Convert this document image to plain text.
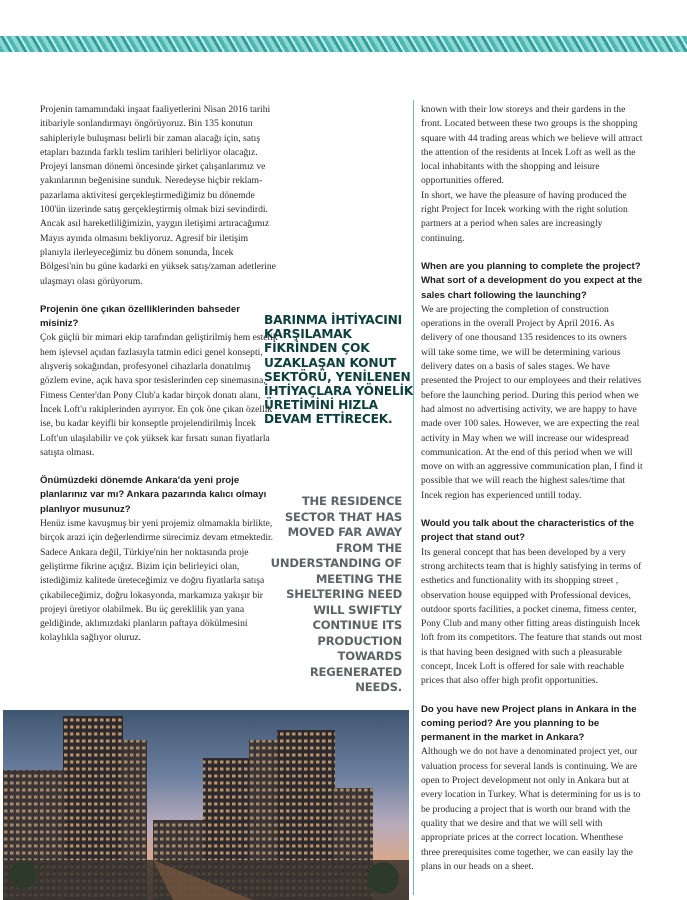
Projenin tamamındaki inşaat faaliyetlerini Nisan 2016 tarihi itibariyle sonlandırmayı öngörüyoruz. Bin 135 konutun sahipleriyle buluşması belirli bir zaman alacağı için, satış etapları bazında farklı teslim tarihleri belirliyor olacağız. Projeyi lansman dönemi öncesinde şirket çalışanlarımız ve yakınlarının beğenisine sunduk. Neredeyse hiçbir reklam-pazarlama aktivitesi gerçekleştirmediğimiz bu dönemde 100'ün üzerinde satış gerçekleştirmiş olmak bizi sevindirdi. Ancak asıl hareketliliğimizin, yaygın iletişimi artıracağımız Mayıs ayında olmasını bekliyoruz. Agresif bir iletişim planıyla ilerleyeceğimiz bu dönem sonunda, İncek Bölgesi'nin bu güne kadarki en yüksek satış/zaman adetlerine ulaşmayı olası görüyorum.

Projenin öne çıkan özelliklerinden bahseder misiniz?

Çok güçlü bir mimari ekip tarafından geliştirilmiş hem estetik hem işlevsel açıdan fazlasıyla tatmin edici genel konsepti, alışveriş sokağından, profesyonel cihazlarla donatılmış gözlem evine, açık hava spor tesislerinden cep sinemasına, Fitness Center'dan Pony Club'a kadar birçok donatı alanı, İncek Loft'u rakiplerinden ayırıyor. En çok öne çıkan özellik ise, bu kadar keyifli bir konseptle projelendirilmiş İncek Loft'un ulaşılabilir ve çok yüksek kar fırsatı sunan fiyatlarla satışta olması.

Önümüzdeki dönemde Ankara'da yeni proje planlarınız var mı? Ankara pazarında kalıcı olmayı planlıyor musunuz?

Henüz isme kavuşmuş bir yeni projemiz olmamakla birlikte, birçok arazi için değerlendirme sürecimiz devam etmektedir. Sadece Ankara değil, Türkiye'nin her noktasında proje geliştirme fikrine açığız. Bizim için belirleyici olan, istediğimiz kalitede üreteceğimiz ve doğru fiyatlarla satışa çıkabileceğimiz, doğru lokasyonda, markamıza yakışır bir projeyi üretiyor olabilmek. Bu üç gereklilik yan yana geldiğinde, aklımızdaki planların paftaya dökülmesini kolaylıkla sağlıyor oluruz.

BARINMA İHTİYACINI KARŞILAMAK FİKRİNDEN ÇOK UZAKLAŞAN KONUT SEKTÖRÜ, YENİLENEN İHTİYAÇLARA YÖNELİK ÜRETİMİNİ HIZLA DEVAM ETTİRECEK.
THE RESIDENCE SECTOR THAT HAS MOVED FAR AWAY FROM THE UNDERSTANDING OF MEETING THE SHELTERING NEED WILL SWIFTLY CONTINUE ITS PRODUCTION TOWARDS REGENERATED NEEDS.

known with their low storeys and their gardens in the front. Located between these two groups is the shopping square with 44 trading areas which we believe will attract the attention of the residents at Incek Loft as well as the local inhabitants with the shopping and leisure opportunities offered.

In short, we have the pleasure of having produced the right Project for Incek working with the right solution partners at a period when sales are increasingly continuing.

When are you planning to complete the project? What sort of a development do you expect at the sales chart following the launching?

We are projecting the completion of construction operations in the overall Project by April 2016. As delivery of one thousand 135 residences to its owners will take some time, we will be determining various delivery dates on a basis of sales stages. We have presented the Project to our employees and their relatives before the launching period. During this period when we had almost no advertising activity, we are happy to have made over 100 sales. However, we are expecting the real activity in May when we will increase our widespread communication. At the end of this period when we will move on with an aggressive communication plan, I find it possible that we will reach the highest sales/time that Incek region has experienced untill today.

Would you talk about the characteristics of the project that stand out?

Its general concept that has been developed by a very strong architects team that is highly satisfying in terms of esthetics and functionality with its shopping street , observation house equipped with Professional devices, outdoor sports facilities, a pocket cinema, fitness center, Pony Club and many other fitting areas distinguish Incek loft from its competitors. The feature that stands out most is that having been designed with such a pleasurable concept, Incek Loft is offered for sale with reachable prices that also offer high profit opportunities.

Do you have new Project plans in Ankara in the coming period? Are you planning to be permanent in the market in Ankara?

Although we do not have a denominated project yet, our valuation process for several lands is continuing. We are open to Project development not only in Ankara but at every location in Turkey. What is determining for us is to be producing a project that is worth our brand with the quality that we desire and that we will sell with appropriate prices at the correct location. Whenthese three prerequisites come together, we can easily lay the plans in our heads on a sheet.
